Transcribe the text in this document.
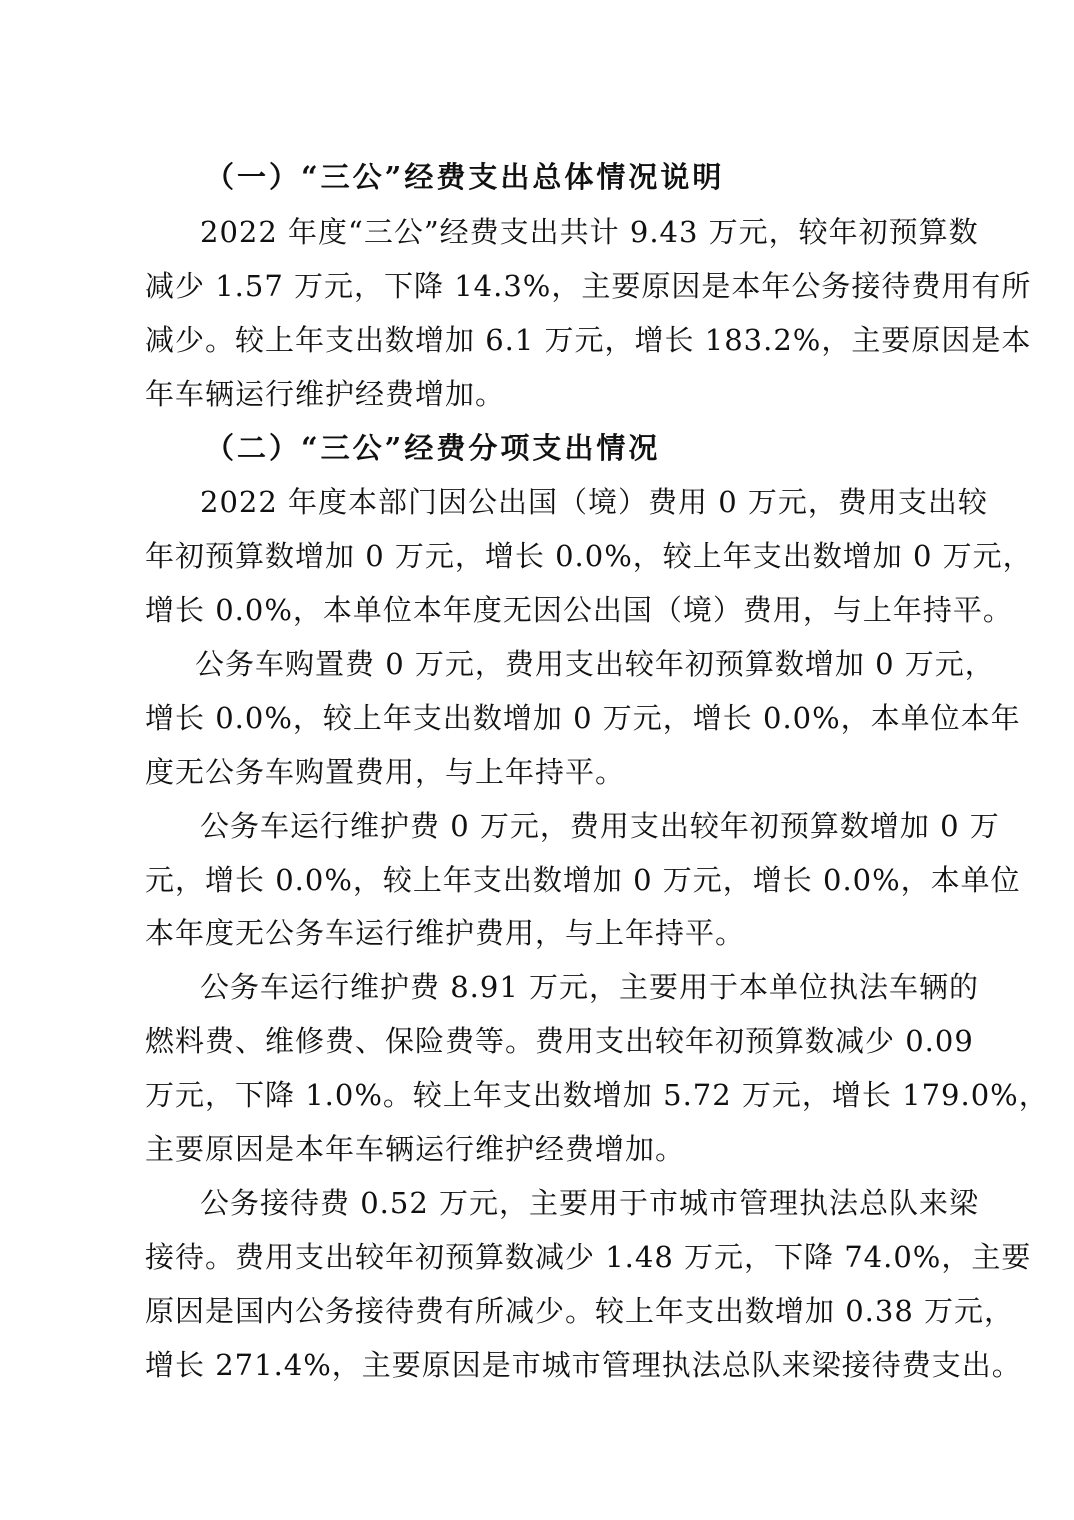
（一）“三公”经费支出总体情况说明
2022 年度“三公”经费支出共计 9.43 万元，较年初预算数
减少 1.57 万元，下降 14.3%，主要原因是本年公务接待费用有所
减少。较上年支出数增加 6.1 万元，增长 183.2%，主要原因是本
年车辆运行维护经费增加。
（二）“三公”经费分项支出情况
2022 年度本部门因公出国（境）费用 0 万元，费用支出较
年初预算数增加 0 万元，增长 0.0%，较上年支出数增加 0 万元，
增长 0.0%，本单位本年度无因公出国（境）费用，与上年持平。
公务车购置费 0 万元，费用支出较年初预算数增加 0 万元，
增长 0.0%，较上年支出数增加 0 万元，增长 0.0%，本单位本年
度无公务车购置费用，与上年持平。
公务车运行维护费 0 万元，费用支出较年初预算数增加 0 万
元，增长 0.0%，较上年支出数增加 0 万元，增长 0.0%，本单位
本年度无公务车运行维护费用，与上年持平。
公务车运行维护费 8.91 万元，主要用于本单位执法车辆的
燃料费、维修费、保险费等。费用支出较年初预算数减少 0.09
万元，下降 1.0%。较上年支出数增加 5.72 万元，增长 179.0%，
主要原因是本年车辆运行维护经费增加。
公务接待费 0.52 万元，主要用于市城市管理执法总队来梁
接待。费用支出较年初预算数减少 1.48 万元，下降 74.0%，主要
原因是国内公务接待费有所减少。较上年支出数增加 0.38 万元，
增长 271.4%，主要原因是市城市管理执法总队来梁接待费支出。
